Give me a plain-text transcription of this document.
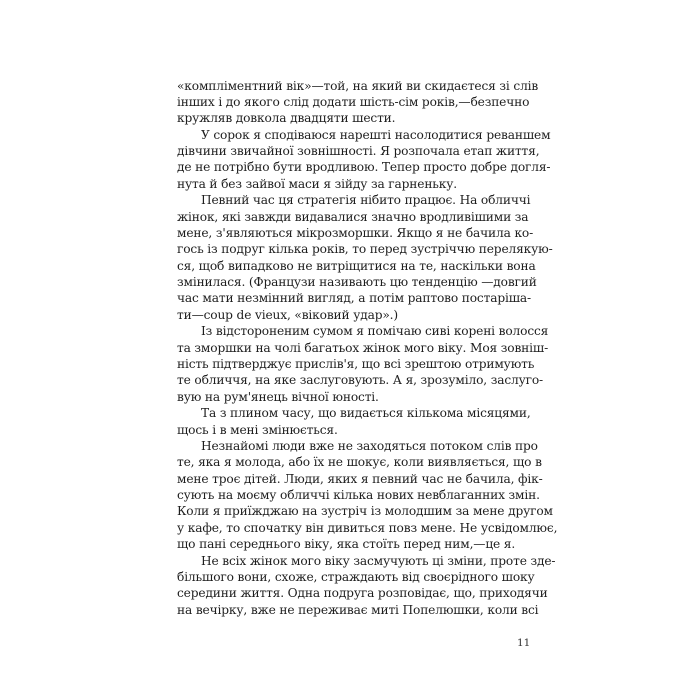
«компліментний вік»—той, на який ви скидаєтеся зі слів
інших і до якого слід додати шість-сім років,—безпечно
кружляв довкола двадцяти шести.
У сорок я сподіваюся нарешті насолодитися реваншем
дівчини звичайної зовнішності. Я розпочала етап життя,
де не потрібно бути вродливою. Тепер просто добре догля-
нута й без зайвої маси я зійду за гарненьку.
Певний час ця стратегія нібито працює. На обличчі
жінок, які завжди видавалися значно вродливішими за
мене, з'являються мікрозморшки. Якщо я не бачила ко-
гось із подруг кілька років, то перед зустріччю перелякую-
ся, щоб випадково не витріщитися на те, наскільки вона
змінилася. (Французи називають цю тенденцію —довгий
час мати незмінний вигляд, а потім раптово постаріша-
ти—coup de vieux, «віковий удар».)
Із відстороненим сумом я помічаю сиві корені волосся
та зморшки на чолі багатьох жінок мого віку. Моя зовніш-
ність підтверджує прислів'я, що всі зрештою отримують
те обличчя, на яке заслуговують. А я, зрозуміло, заслуго-
вую на рум'янець вічної юності.
Та з плином часу, що видається кількома місяцями,
щось і в мені змінюється.
Незнайомі люди вже не заходяться потоком слів про
те, яка я молода, або їх не шокує, коли виявляється, що в
мене троє дітей. Люди, яких я певний час не бачила, фік-
сують на моєму обличчі кілька нових невблаганних змін.
Коли я приїжджаю на зустріч із молодшим за мене другом
у кафе, то спочатку він дивиться повз мене. Не усвідомлює,
що пані середнього віку, яка стоїть перед ним,—це я.
Не всіх жінок мого віку засмучують ці зміни, проте здe-
більшого вони, схоже, страждають від своєрідного шоку
середини життя. Одна подруга розповідає, що, приходячи
на вечірку, вже не переживає миті Попелюшки, коли всі
11
